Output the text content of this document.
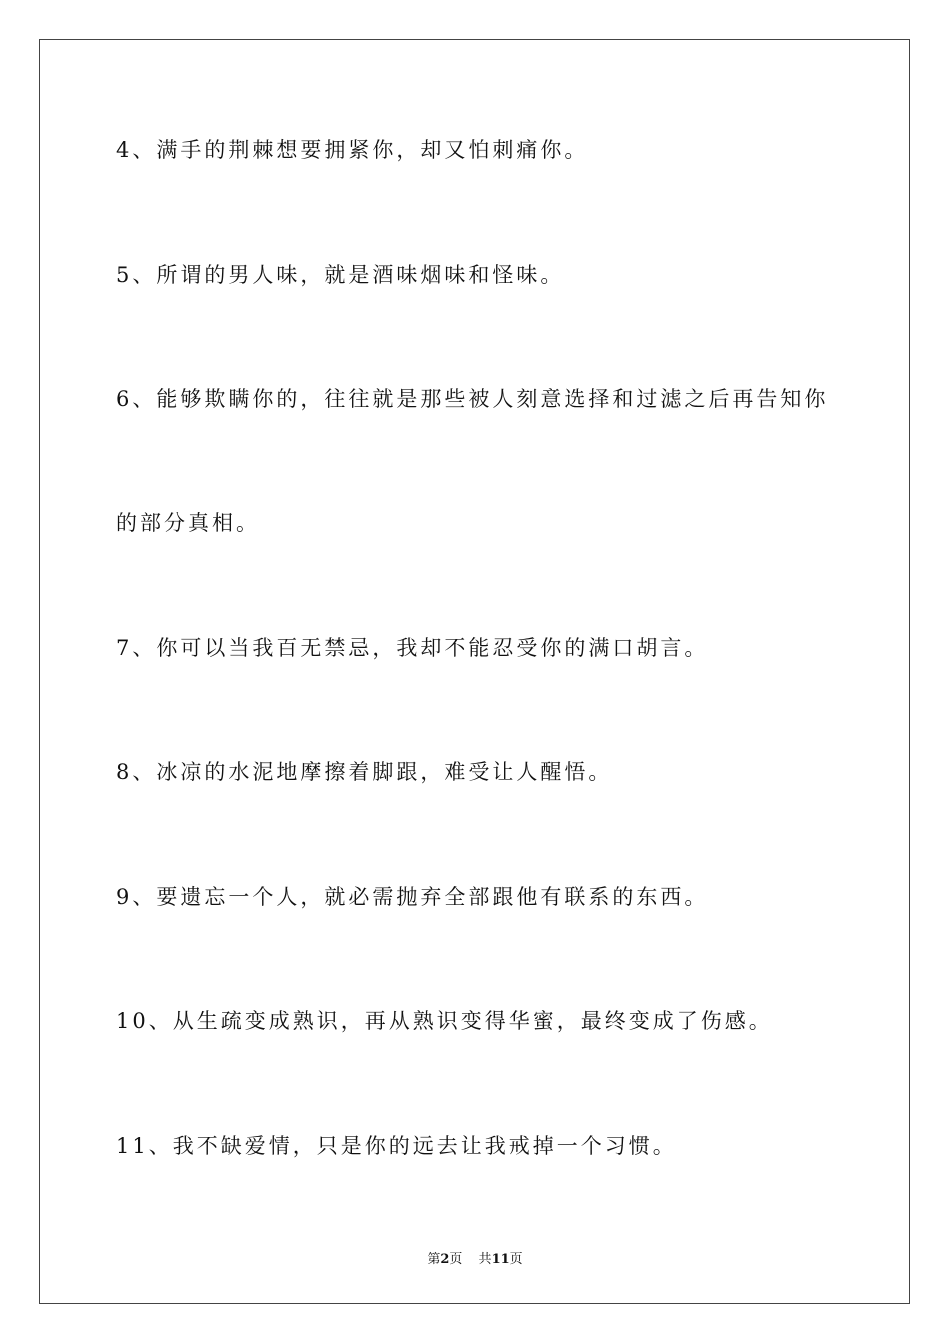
4、满手的荆棘想要拥紧你，却又怕刺痛你。
5、所谓的男人味，就是酒味烟味和怪味。
6、能够欺瞒你的，往往就是那些被人刻意选择和过滤之后再告知你
的部分真相。
7、你可以当我百无禁忌，我却不能忍受你的满口胡言。
8、冰凉的水泥地摩擦着脚跟，难受让人醒悟。
9、要遗忘一个人，就必需抛弃全部跟他有联系的东西。
10、从生疏变成熟识，再从熟识变得华蜜，最终变成了伤感。
11、我不缺爱情，只是你的远去让我戒掉一个习惯。
第2页 共11页
